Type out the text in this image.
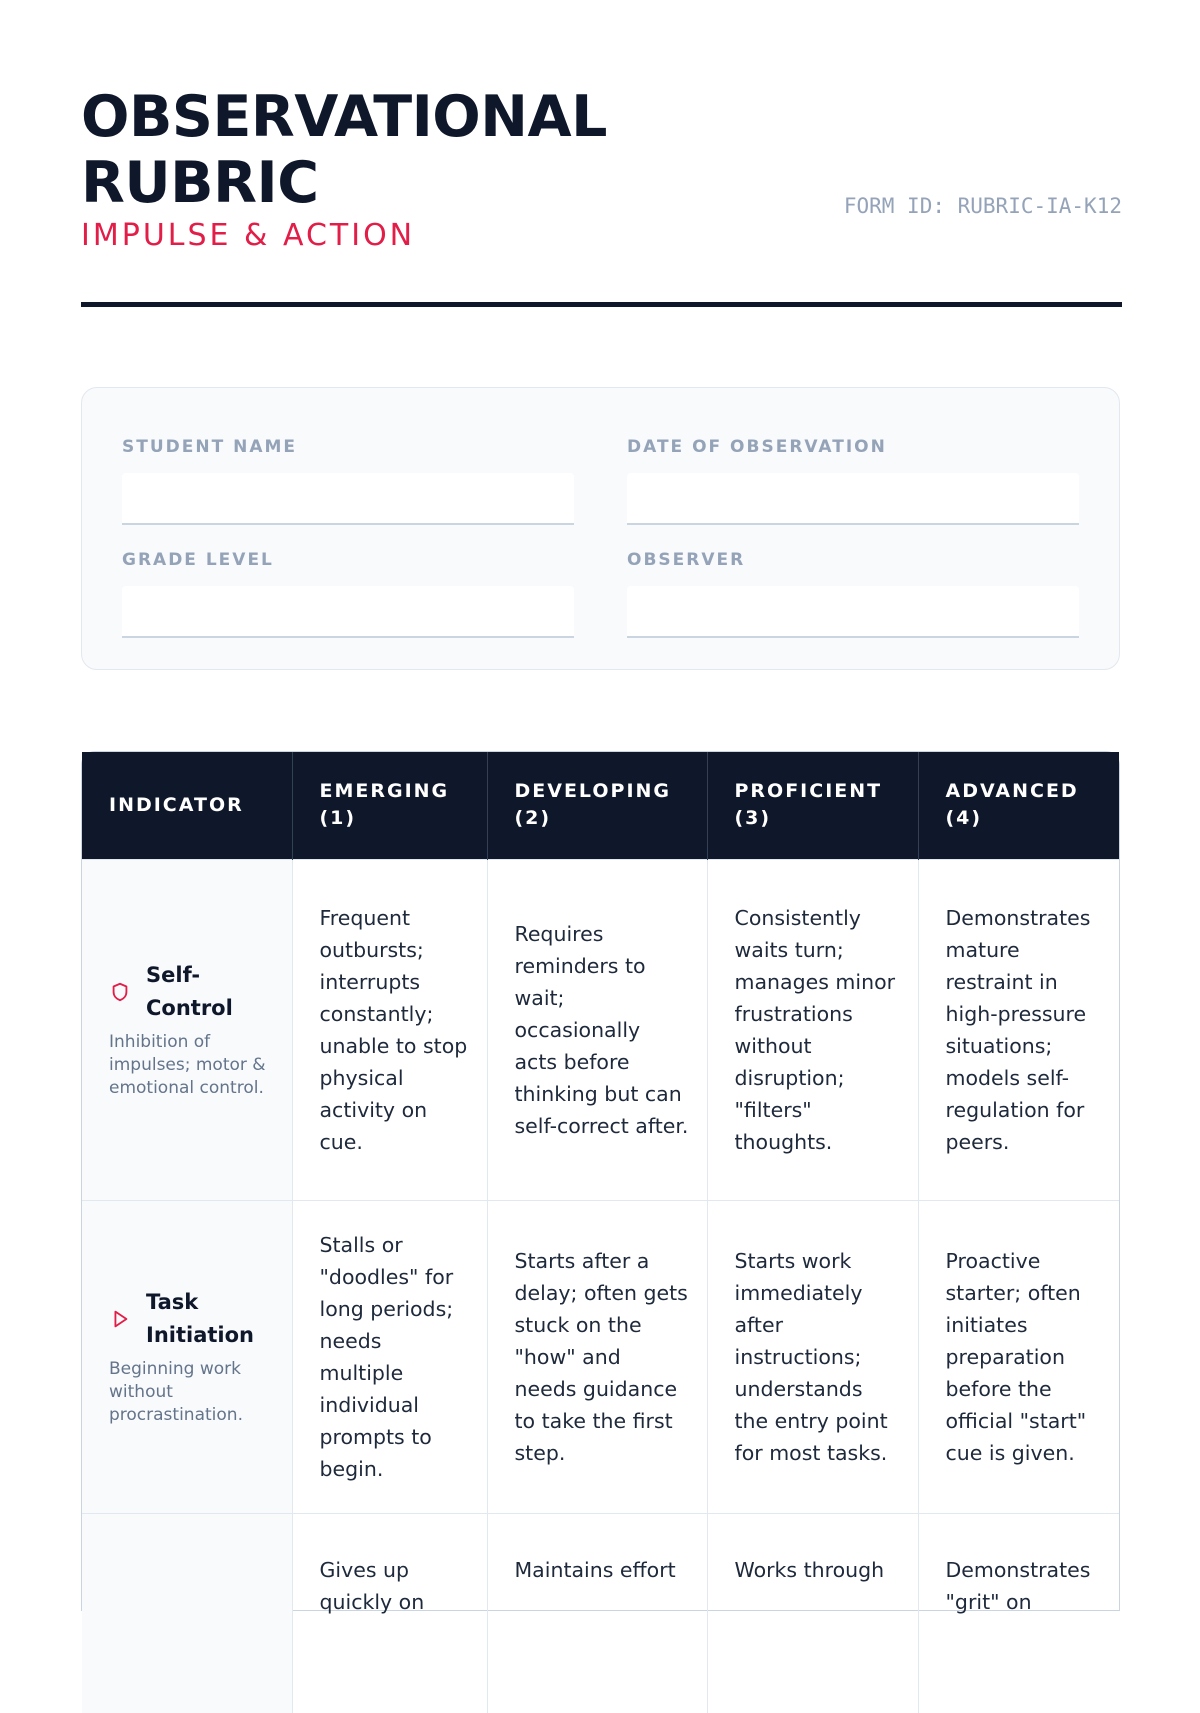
OBSERVATIONAL RUBRIC
IMPULSE & ACTION
FORM ID: RUBRIC-IA-K12
STUDENT NAME	DATE OF OBSERVATION
GRADE LEVEL	OBSERVER
INDICATOR	EMERGING (1)	DEVELOPING (2)	PROFICIENT (3)	ADVANCED (4)

Self-Control
Inhibition of impulses; motor & emotional control.	Frequent outbursts; interrupts constantly; unable to stop physical activity on cue.	Requires reminders to wait; occasionally acts before thinking but can self-correct after.	Consistently waits turn; manages minor frustrations without disruption; "filters" thoughts.	Demonstrates mature restraint in high-pressure situations; models self-regulation for peers.

Task Initiation
Beginning work without procrastination.	Stalls or "doodles" for long periods; needs multiple individual prompts to begin.	Starts after a delay; often gets stuck on the "how" and needs guidance to take the first step.	Starts work immediately after instructions; understands the entry point for most tasks.	Proactive starter; often initiates preparation before the official "start" cue is given.

	Gives up quickly on	Maintains effort	Works through	Demonstrates "grit" on
